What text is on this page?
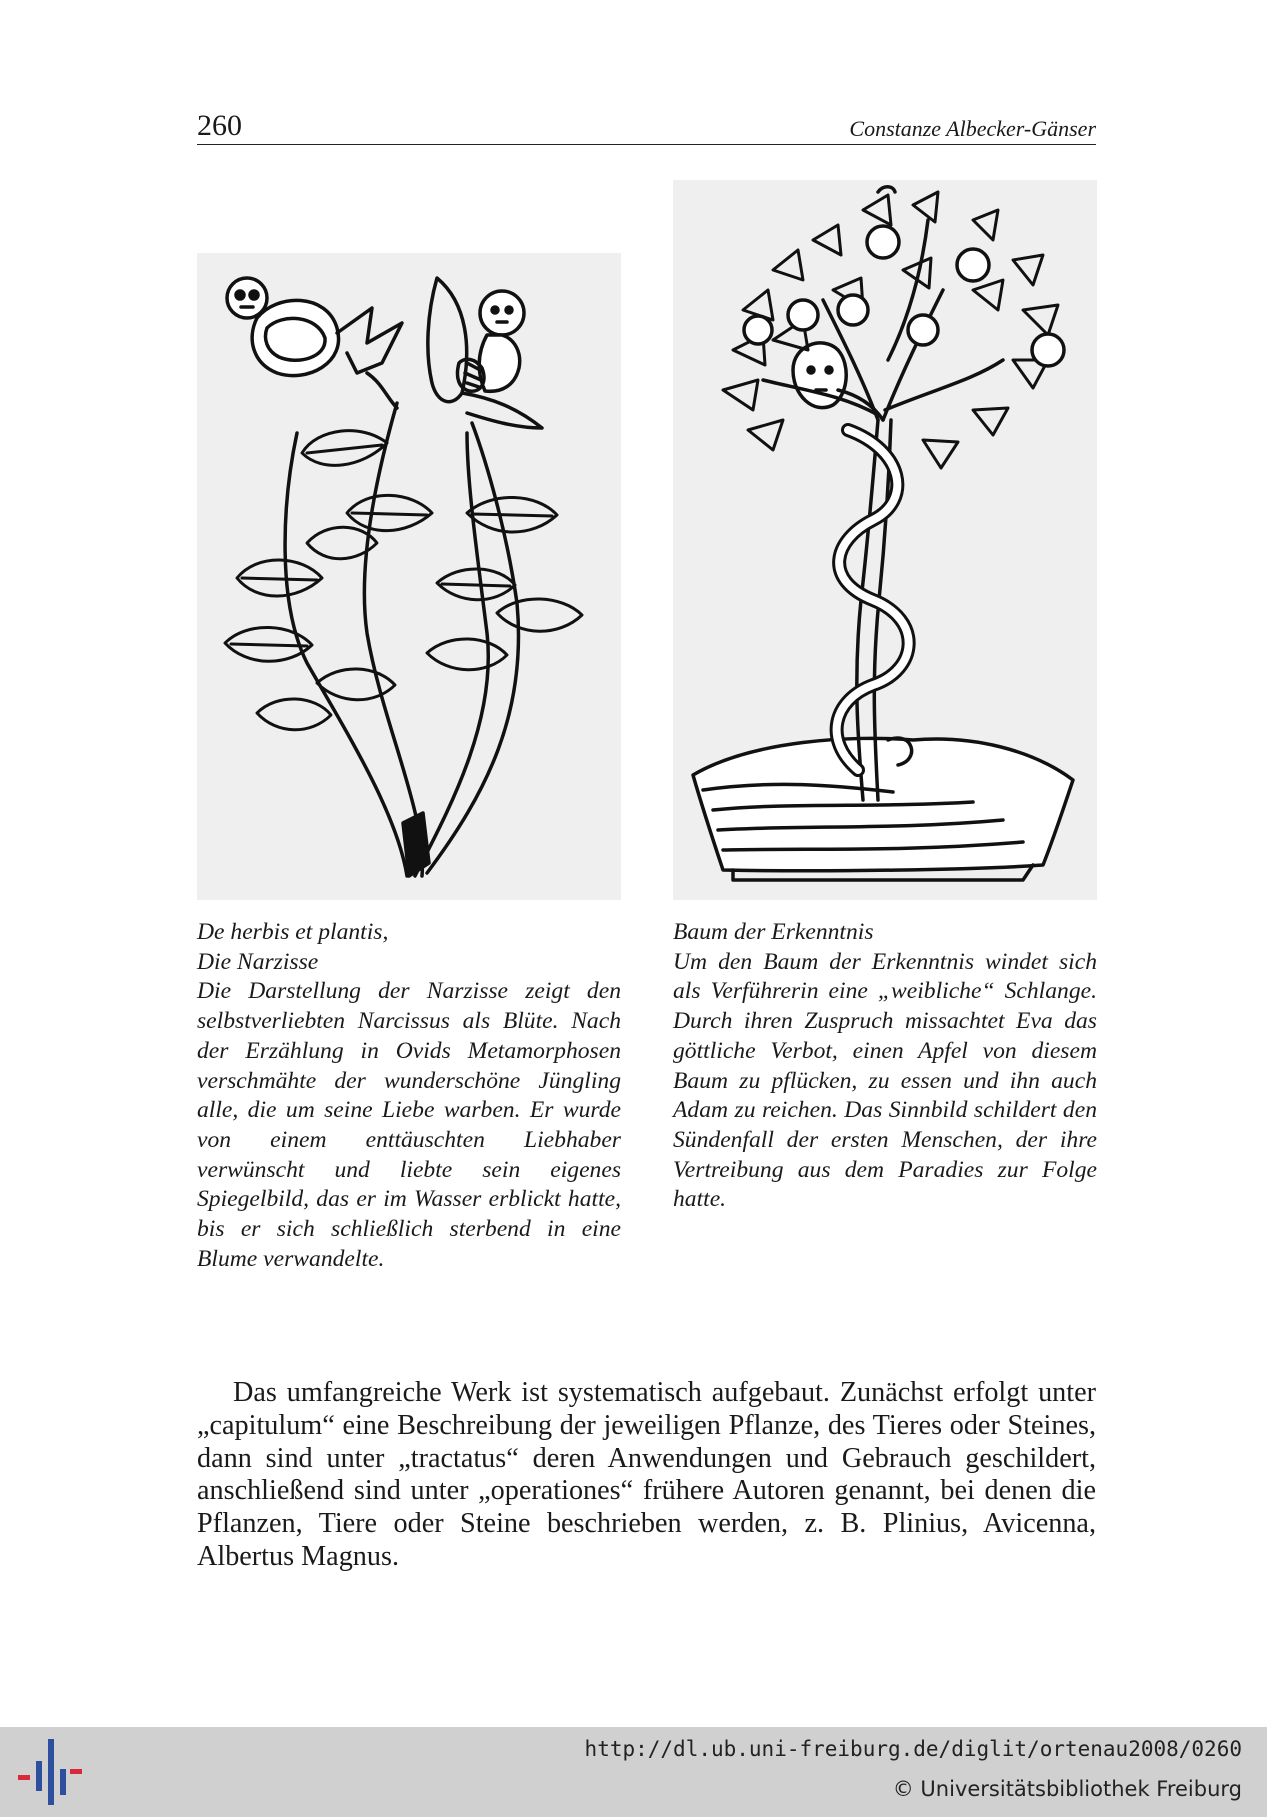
260	Constanze Albecker-Gänser

De herbis et plantis,

Die Narzisse

Die Darstellung der Narzisse zeigt den selbstverliebten Narcissus als Blüte. Nach der Erzählung in Ovids Metamorphosen verschmähte der wunderschöne Jüngling alle, die um seine Liebe warben. Er wurde von einem enttäuschten Liebhaber verwünscht und liebte sein eigenes Spiegelbild, das er im Wasser erblickt hatte, bis er sich schließlich sterbend in eine Blume verwandelte.

Baum der Erkenntnis

Um den Baum der Erkenntnis windet sich als Verführerin eine „weibliche“ Schlange. Durch ihren Zuspruch missachtet Eva das göttliche Verbot, einen Apfel von diesem Baum zu pflücken, zu essen und ihn auch Adam zu reichen. Das Sinnbild schildert den Sündenfall der ersten Menschen, der ihre Vertreibung aus dem Paradies zur Folge hatte.

Das umfangreiche Werk ist systematisch aufgebaut. Zunächst erfolgt unter „capitulum“ eine Beschreibung der jeweiligen Pflanze, des Tieres oder Steines, dann sind unter „tractatus“ deren Anwendungen und Gebrauch geschildert, anschließend sind unter „operationes“ frühere Autoren genannt, bei denen die Pflanzen, Tiere oder Steine beschrieben werden, z. B. Plinius, Avicenna, Albertus Magnus.

http://dl.ub.uni-freiburg.de/diglit/ortenau2008/0260
© Universitätsbibliothek Freiburg
